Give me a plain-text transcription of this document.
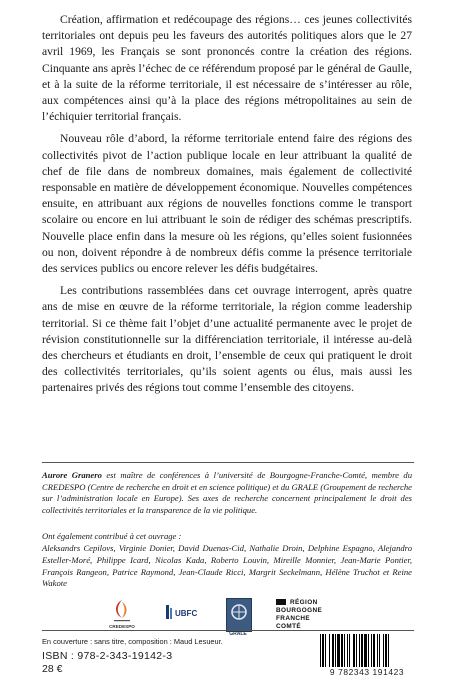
Création, affirmation et redécoupage des régions… ces jeunes collectivités territoriales ont depuis peu les faveurs des autorités politiques alors que le 27 avril 1969, les Français se sont prononcés contre la création des régions. Cinquante ans après l’échec de ce référendum proposé par le général de Gaulle, et à la suite de la réforme territoriale, il est nécessaire de s’intéresser au rôle, aux compétences ainsi qu’à la place des régions métropolitaines au sein de l’échiquier territorial français.

Nouveau rôle d’abord, la réforme territoriale entend faire des régions des collectivités pivot de l’action publique locale en leur attribuant la qualité de chef de file dans de nombreux domaines, mais également de collectivité responsable en matière de développement économique. Nouvelles compétences ensuite, en attribuant aux régions de nouvelles fonctions comme le transport scolaire ou encore en lui attribuant le soin de rédiger des schémas prescriptifs. Nouvelle place enfin dans la mesure où les régions, qu’elles soient fusionnées ou non, doivent répondre à de nombreux défis comme la présence territoriale des services publics ou encore relever les défis budgétaires.

Les contributions rassemblées dans cet ouvrage interrogent, après quatre ans de mise en œuvre de la réforme territoriale, la région comme leadership territorial. Si ce thème fait l’objet d’une actualité permanente avec le projet de révision constitutionnelle sur la différenciation territoriale, il intéresse au-delà des chercheurs et étudiants en droit, l’ensemble de ceux qui pratiquent le droit des collectivités territoriales, qu’ils soient agents ou élus, mais aussi les partenaires privés des régions tout comme l’ensemble des citoyens.

Aurore Granero est maître de conférences à l’université de Bourgogne-Franche-Comté, membre du CREDESPO (Centre de recherche en droit et en science politique) et du GRALE (Groupement de recherche sur l’administration locale en Europe). Ses axes de recherche concernent principalement le droit des collectivités territoriales et la transparence de la vie politique.
Ont également contribué à cet ouvrage :
Aleksandrs Cepilovs, Virginie Donier, David Duenas-Cid, Nathalie Droin, Delphine Espagno, Alejandro Esteller-Moré, Philippe Icard, Nicolas Kada, Roberto Louvin, Mireille Monnier, Jean-Marie Pontier, François Rangeon, Patrice Raymond, Jean-Claude Ricci, Margrit Seckelmann, Hélène Truchot et Reine Wakote
CREDESPO
UBFC
GRALE
RÉGION
BOURGOGNE
FRANCHE
COMTÉ
En couverture : sans titre, composition : Maud Lesueur.
ISBN : 978-2-343-19142-3
28 €	9 782343 191423
